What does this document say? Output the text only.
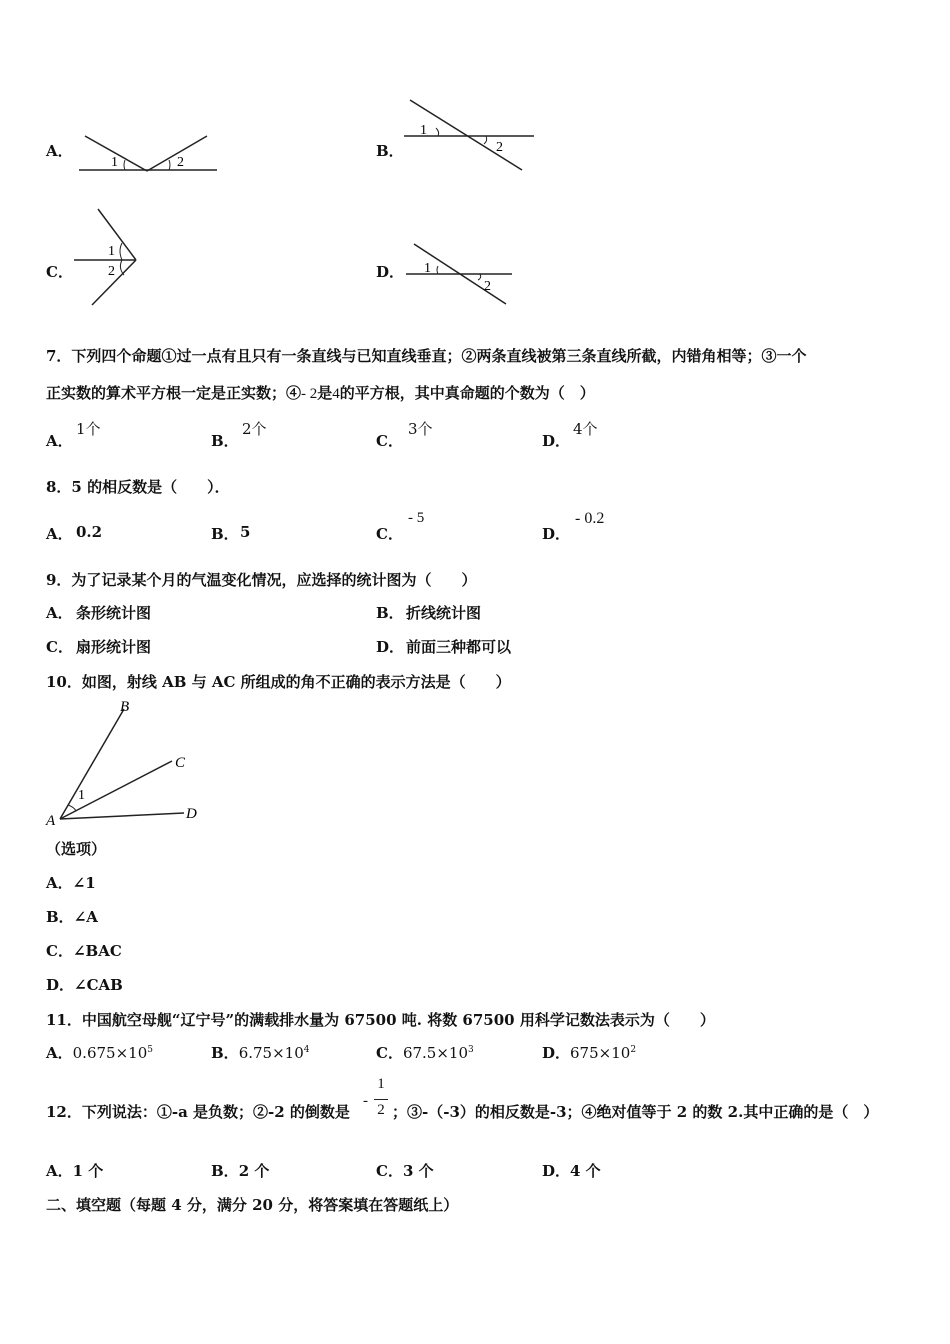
A．
1	2
B．
1
2
C．
1
2	D． 1
2
7．下列四个命题①过一点有且只有一条直线与已知直线垂直；②两条直线被第三条直线所截，内错角相等；③一个
正实数的算术平方根一定是正实数；④- 2是4的平方根，其中真命题的个数为（　）
A．
1个
B．
2个
C．
3个
D．
4个
8．5 的相反数是（　　）．
A． 0.2	B． 5	C．
- 5
D．
- 0.2
9．为了记录某个月的气温变化情况，应选择的统计图为（　　）
A． 条形统计图	B． 折线统计图
C． 扇形统计图	D． 前面三种都可以
10．如图，射线 AB 与 AC 所组成的角不正确的表示方法是（　　）
A
B
C
D
1
（选项）
A．∠1
B．∠A
C．∠BAC
D．∠CAB
11．中国航空母舰“辽宁号”的满载排水量为 67500 吨. 将数 67500 用科学记数法表示为（　　）
A．$0.675\times 10^5$	B．$6.75\times 10^4$	C．$67.5\times 10^3$	D．$675\times 10^2$
12．下列说法：①-a 是负数；②-2 的倒数是
-
1
2 ；③-（-3）的相反数是-3；④绝对值等于 2 的数 2.其中正确的是（　）
A．1 个	B．2 个	C．3 个	D．4 个
二、填空题（每题 4 分，满分 20 分，将答案填在答题纸上）
